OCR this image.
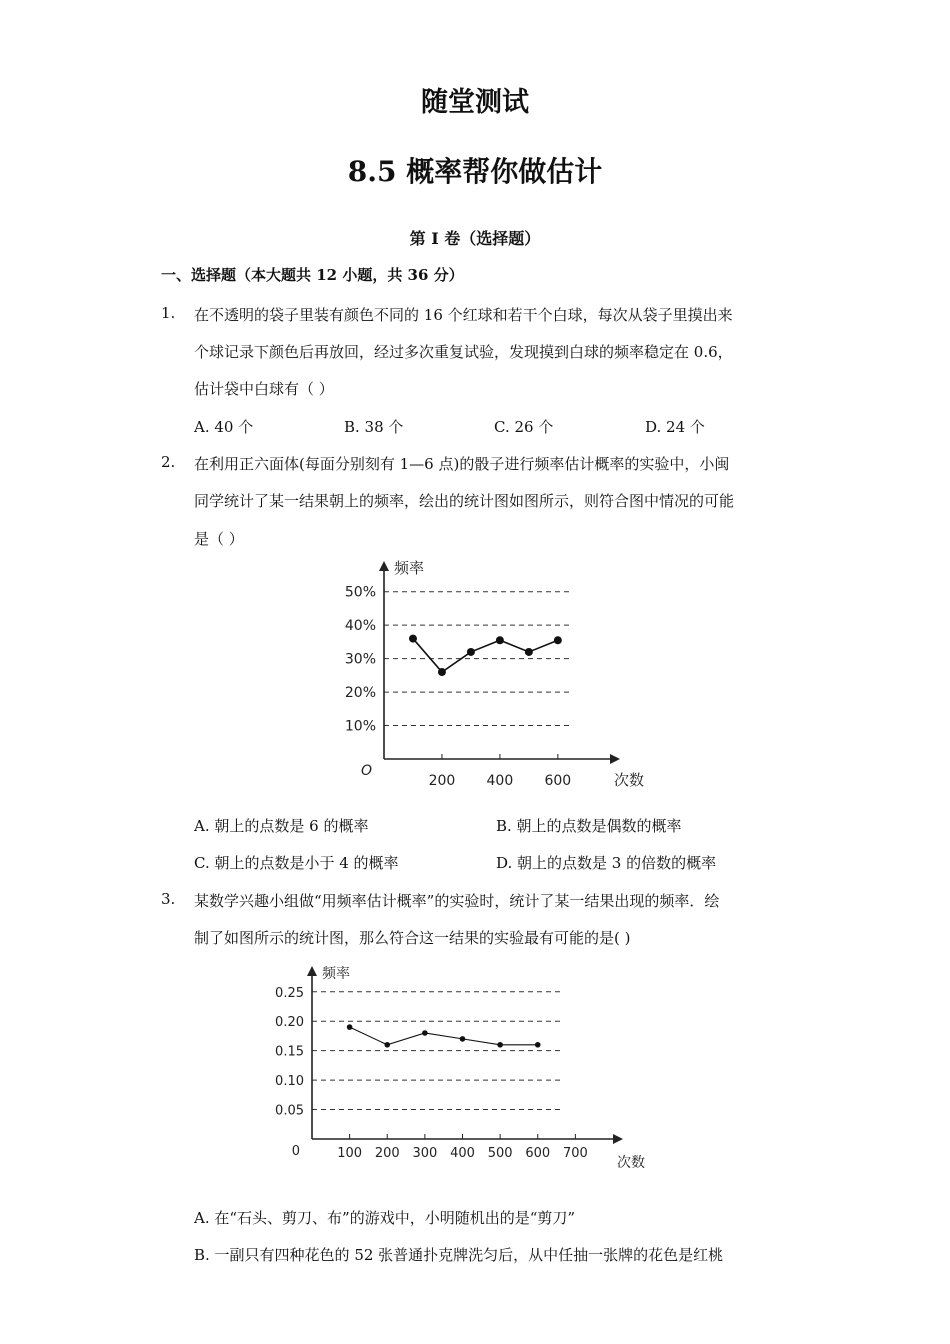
随堂测试
8.5 概率帮你做估计
第 I 卷（选择题）
一、选择题（本大题共 12 小题，共 36 分）
1. 在不透明的袋子里装有颜色不同的 16 个红球和若干个白球，每次从袋子里摸出来
个球记录下颜色后再放回，经过多次重复试验，发现摸到白球的频率稳定在 0.6，
估计袋中白球有（ ）
A. 40 个	B. 38 个	C. 26 个	D. 24 个
2. 在利用正六面体(每面分别刻有 1—6 点)的骰子进行频率估计概率的实验中，小闽
同学统计了某一结果朝上的频率，绘出的统计图如图所示，则符合图中情况的可能
是（ ）
10%
20%
30%
40%
50%
200 400 600
频率
次数
O
A. 朝上的点数是 6 的概率	B. 朝上的点数是偶数的概率
C. 朝上的点数是小于 4 的概率	D. 朝上的点数是 3 的倍数的概率
3. 某数学兴趣小组做“用频率估计概率”的实验时，统计了某一结果出现的频率．绘
制了如图所示的统计图，那么符合这一结果的实验最有可能的是( )
0.05
0.10
0.15
0.20
0.25
100 200 300 400 500 600 700
频率
次数
0
A. 在“石头、剪刀、布”的游戏中，小明随机出的是“剪刀”
B. 一副只有四种花色的 52 张普通扑克牌洗匀后，从中任抽一张牌的花色是红桃
